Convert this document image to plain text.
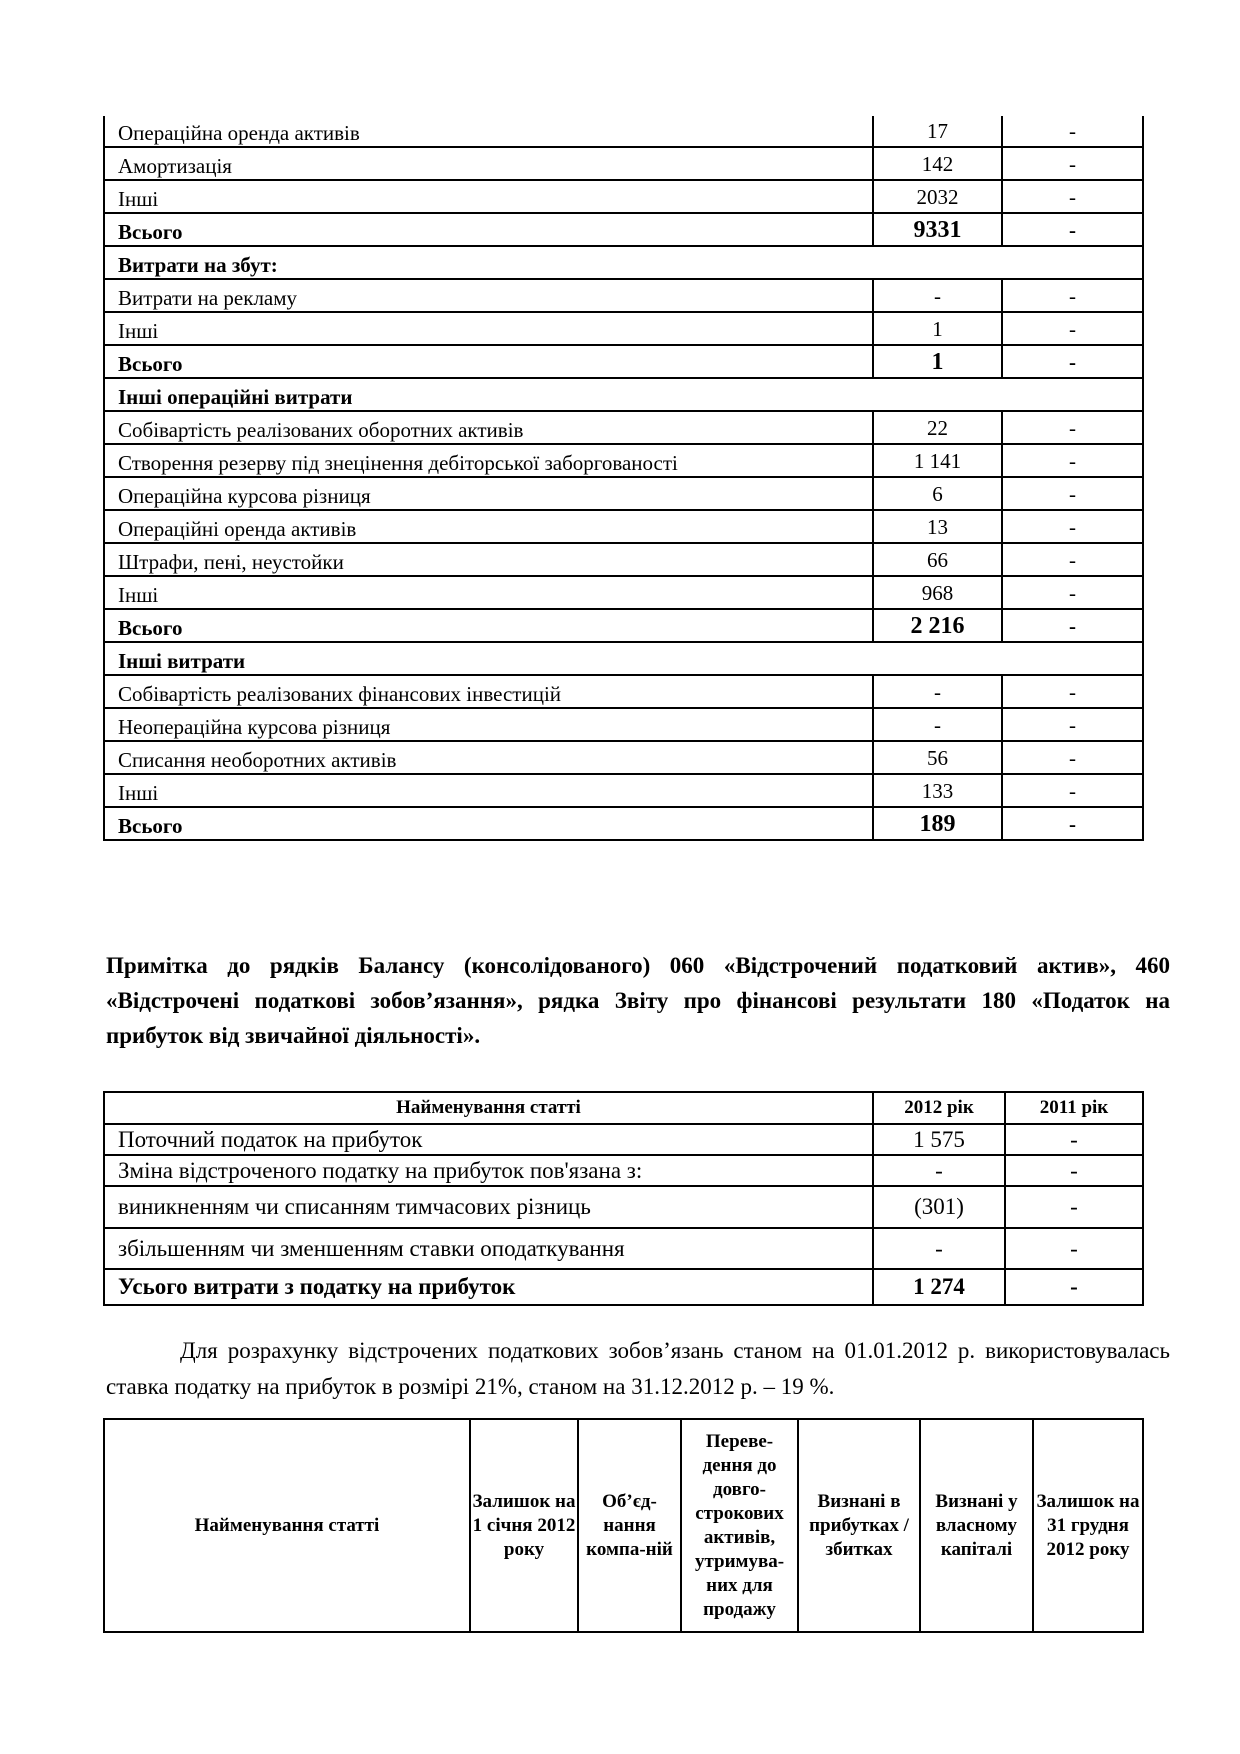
Операційна оренда активів	17	-
Амортизація	142	-
Інші	2032	-
Всього	9331	-
Витрати на збут:		
Витрати на рекламу	-	-
Інші	1	-
Всього	1	-
Інші операційні витрати		
Собівартість реалізованих оборотних активів	22	-
Створення резерву під знецінення дебіторської заборгованості	1 141	-
Операційна курсова різниця	6	-
Операційні оренда активів	13	-
Штрафи, пені, неустойки	66	-
Інші	968	-
Всього	2 216	-
Інші витрати		
Собівартість реалізованих фінансових інвестицій	-	-
Неопераційна курсова різниця	-	-
Списання необоротних активів	56	-
Інші	133	-
Всього	189	-
Примітка до рядків Балансу (консолідованого) 060 «Відстрочений податковий актив», 460 «Відстрочені податкові зобов’язання», рядка Звіту про фінансові результати 180 «Податок на прибуток від звичайної діяльності».
Найменування статті	2012 рік	2011 рік
Поточний податок на прибуток	1 575	-
Зміна відстроченого податку на прибуток пов'язана з:	-	-
виникненням чи списанням тимчасових різниць	(301)	-
збільшенням чи зменшенням ставки оподаткування	-	-
Усього витрати з податку на прибуток	1 274	-
Для розрахунку відстрочених податкових зобов’язань станом на 01.01.2012 р. використовувалась ставка податку на прибуток в розмірі 21%, станом на 31.12.2012 р. – 19 %.
Найменування статті	Залишок на 1 січня 2012 року	Об’єд-нання компа-ній	Переве-дення до довго-строкових активів, утримува-них для продажу	Визнані в прибутках /збитках	Визнані у власному капіталі	Залишок на 31 грудня 2012 року
